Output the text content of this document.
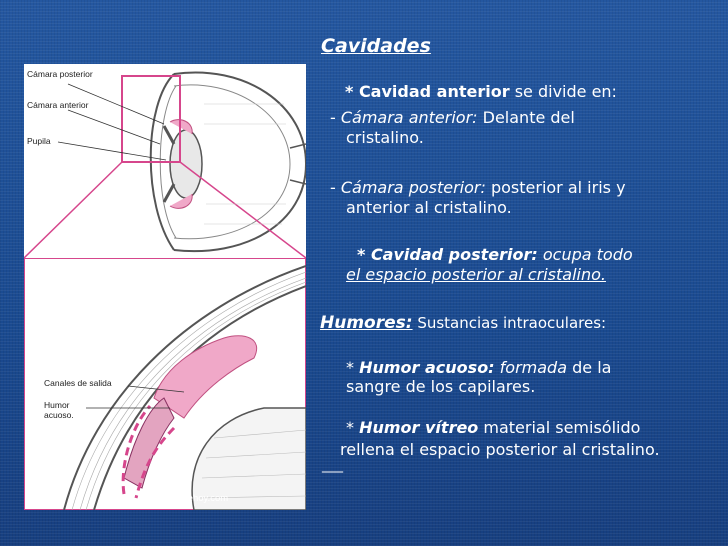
Cámara posterior
Cámara anterior
Pupila
Canales de salida
Humor acuoso.
medicosdehoy.com
Cavidades
* Cavidad anterior se divide en:
- Cámara anterior: Delante del
cristalino.
- Cámara posterior: posterior al iris y
anterior al cristalino.
* Cavidad posterior: ocupa todo
el espacio posterior al cristalino.
Humores: Sustancias intraoculares:
* Humor acuoso: formada de la
sangre de los capilares.
* Humor vítreo material semisólido
rellena el espacio posterior al cristalino.
___
